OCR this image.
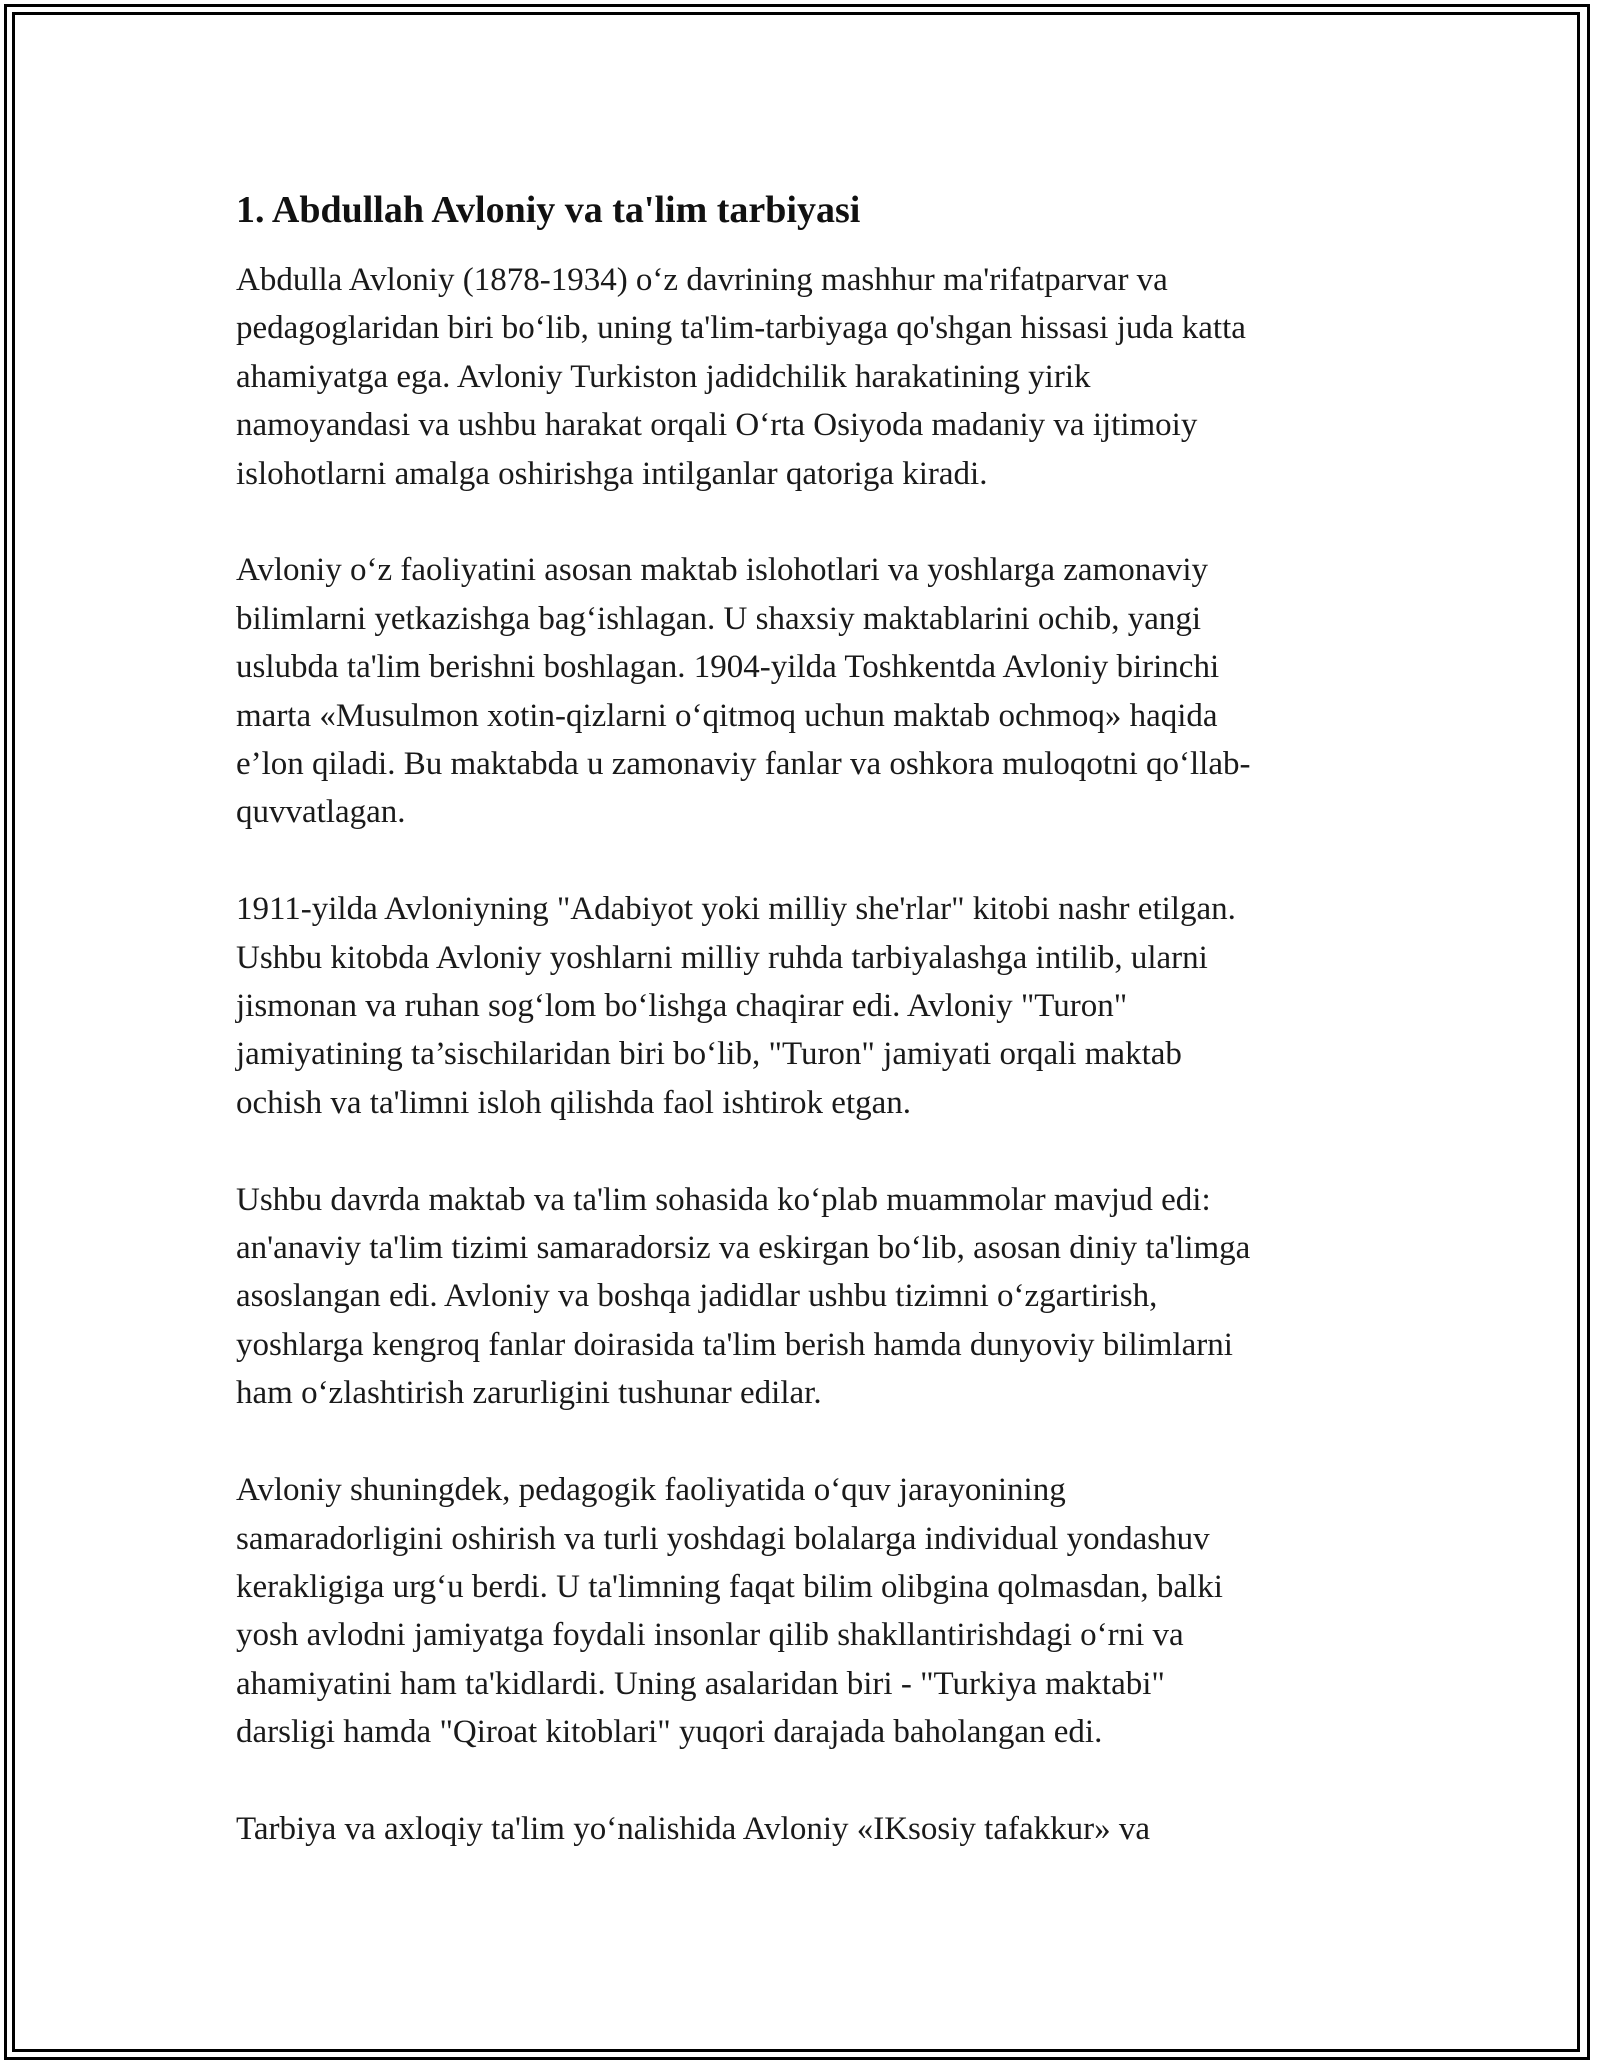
1. Abdullah Avloniy va ta'lim tarbiyasi

Abdulla Avloniy (1878-1934) o‘z davrining mashhur ma'rifatparvar va
pedagoglaridan biri bo‘lib, uning ta'lim-tarbiyaga qo'shgan hissasi juda katta
ahamiyatga ega. Avloniy Turkiston jadidchilik harakatining yirik
namoyandasi va ushbu harakat orqali O‘rta Osiyoda madaniy va ijtimoiy
islohotlarni amalga oshirishga intilganlar qatoriga kiradi.

Avloniy o‘z faoliyatini asosan maktab islohotlari va yoshlarga zamonaviy
bilimlarni yetkazishga bag‘ishlagan. U shaxsiy maktablarini ochib, yangi
uslubda ta'lim berishni boshlagan. 1904-yilda Toshkentda Avloniy birinchi
marta «Musulmon xotin-qizlarni o‘qitmoq uchun maktab ochmoq» haqida
e’lon qiladi. Bu maktabda u zamonaviy fanlar va oshkora muloqotni qo‘llab-
quvvatlagan.

1911-yilda Avloniyning "Adabiyot yoki milliy she'rlar" kitobi nashr etilgan.
Ushbu kitobda Avloniy yoshlarni milliy ruhda tarbiyalashga intilib, ularni
jismonan va ruhan sog‘lom bo‘lishga chaqirar edi. Avloniy "Turon"
jamiyatining ta’sischilaridan biri bo‘lib, "Turon" jamiyati orqali maktab
ochish va ta'limni isloh qilishda faol ishtirok etgan.

Ushbu davrda maktab va ta'lim sohasida ko‘plab muammolar mavjud edi:
an'anaviy ta'lim tizimi samaradorsiz va eskirgan bo‘lib, asosan diniy ta'limga
asoslangan edi. Avloniy va boshqa jadidlar ushbu tizimni o‘zgartirish,
yoshlarga kengroq fanlar doirasida ta'lim berish hamda dunyoviy bilimlarni
ham o‘zlashtirish zarurligini tushunar edilar.

Avloniy shuningdek, pedagogik faoliyatida o‘quv jarayonining
samaradorligini oshirish va turli yoshdagi bolalarga individual yondashuv
kerakligiga urg‘u berdi. U ta'limning faqat bilim olibgina qolmasdan, balki
yosh avlodni jamiyatga foydali insonlar qilib shakllantirishdagi o‘rni va
ahamiyatini ham ta'kidlardi. Uning asalaridan biri - "Turkiya maktabi"
darsligi hamda "Qiroat kitoblari" yuqori darajada baholangan edi.

Tarbiya va axloqiy ta'lim yo‘nalishida Avloniy «IKsosiy tafakkur» va
